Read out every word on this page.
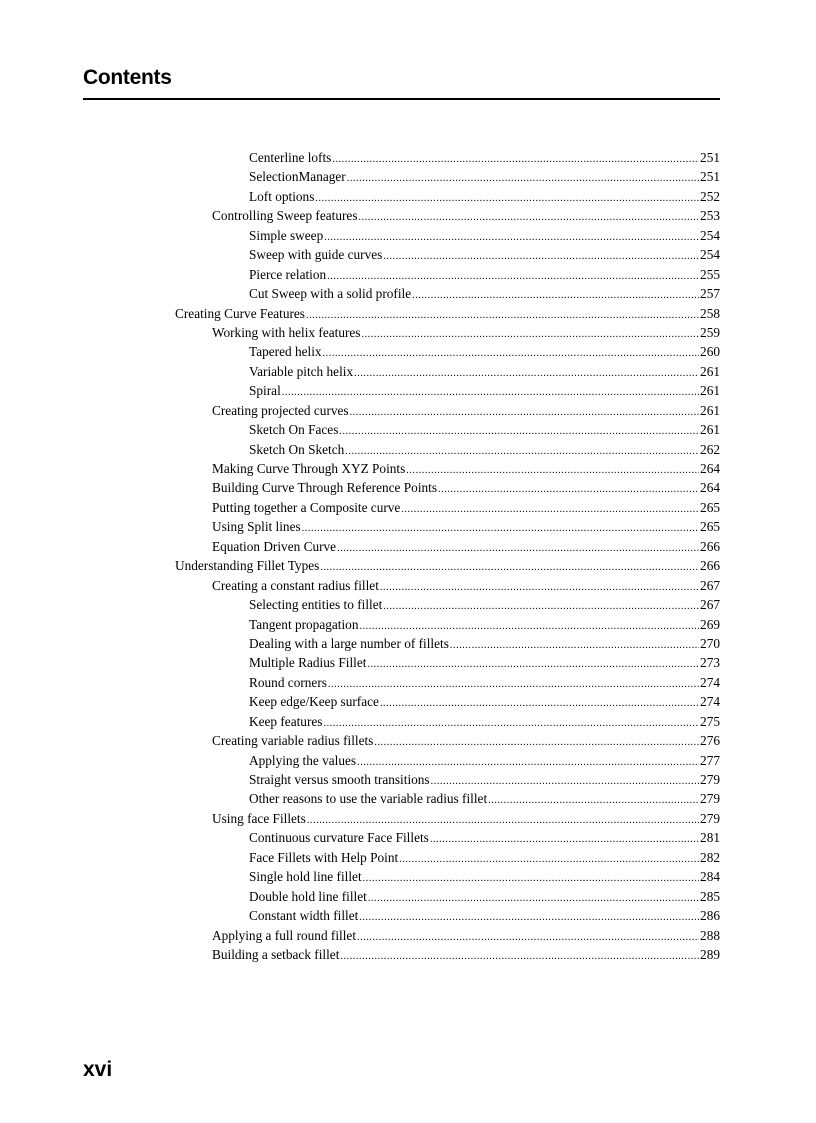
Contents
Centerline lofts .....	251
SelectionManager .....	251
Loft options .....	252
Controlling Sweep features .....	253
Simple sweep .....	254
Sweep with guide curves .....	254
Pierce relation .....	255
Cut Sweep with a solid profile .....	257
Creating Curve Features .....	258
Working with helix features .....	259
Tapered helix .....	260
Variable pitch helix .....	261
Spiral .....	261
Creating projected curves .....	261
Sketch On Faces .....	261
Sketch On Sketch .....	262
Making Curve Through XYZ Points .....	264
Building Curve Through Reference Points .....	264
Putting together a Composite curve .....	265
Using Split lines .....	265
Equation Driven Curve .....	266
Understanding Fillet Types .....	266
Creating a constant radius fillet .....	267
Selecting entities to fillet .....	267
Tangent propagation .....	269
Dealing with a large number of fillets .....	270
Multiple Radius Fillet .....	273
Round corners .....	274
Keep edge/Keep surface .....	274
Keep features .....	275
Creating variable radius fillets .....	276
Applying the values .....	277
Straight versus smooth transitions .....	279
Other reasons to use the variable radius fillet .....	279
Using face Fillets .....	279
Continuous curvature Face Fillets .....	281
Face Fillets with Help Point .....	282
Single hold line fillet .....	284
Double hold line fillet .....	285
Constant width fillet .....	286
Applying a full round fillet .....	288
Building a setback fillet .....	289
xvi
